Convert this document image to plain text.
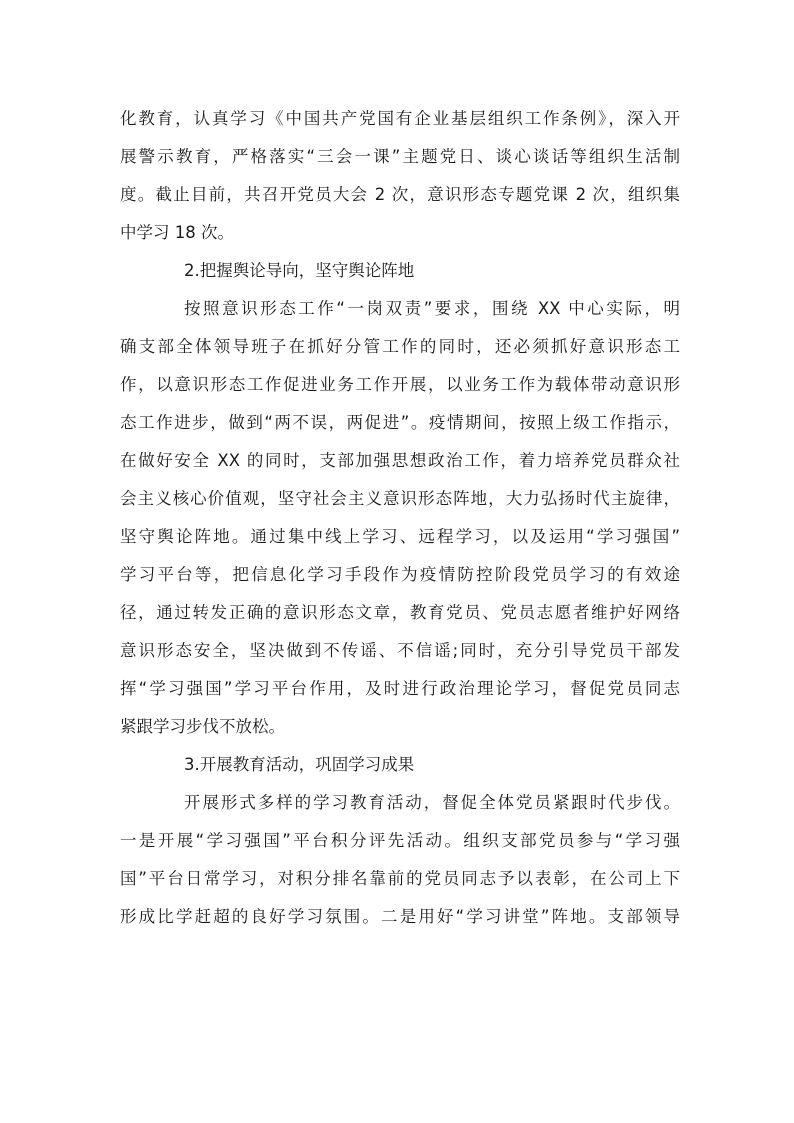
化教育，认真学习《中国共产党国有企业基层组织工作条例》，深入开
展警示教育，严格落实“三会一课”主题党日、谈心谈话等组织生活制
度。截止目前，共召开党员大会 2 次，意识形态专题党课 2 次，组织集
中学习 18 次。
2.把握舆论导向，坚守舆论阵地
按照意识形态工作“一岗双责”要求，围绕 XX 中心实际，明
确支部全体领导班子在抓好分管工作的同时，还必须抓好意识形态工
作，以意识形态工作促进业务工作开展，以业务工作为载体带动意识形
态工作进步，做到“两不误，两促进”。疫情期间，按照上级工作指示，
在做好安全 XX 的同时，支部加强思想政治工作，着力培养党员群众社
会主义核心价值观，坚守社会主义意识形态阵地，大力弘扬时代主旋律，
坚守舆论阵地。通过集中线上学习、远程学习，以及运用“学习强国”
学习平台等，把信息化学习手段作为疫情防控阶段党员学习的有效途
径，通过转发正确的意识形态文章，教育党员、党员志愿者维护好网络
意识形态安全，坚决做到不传谣、不信谣;同时，充分引导党员干部发
挥“学习强国”学习平台作用，及时进行政治理论学习，督促党员同志
紧跟学习步伐不放松。
3.开展教育活动，巩固学习成果
开展形式多样的学习教育活动，督促全体党员紧跟时代步伐。
一是开展“学习强国”平台积分评先活动。组织支部党员参与“学习强
国”平台日常学习，对积分排名靠前的党员同志予以表彰，在公司上下
形成比学赶超的良好学习氛围。二是用好“学习讲堂”阵地。支部领导
